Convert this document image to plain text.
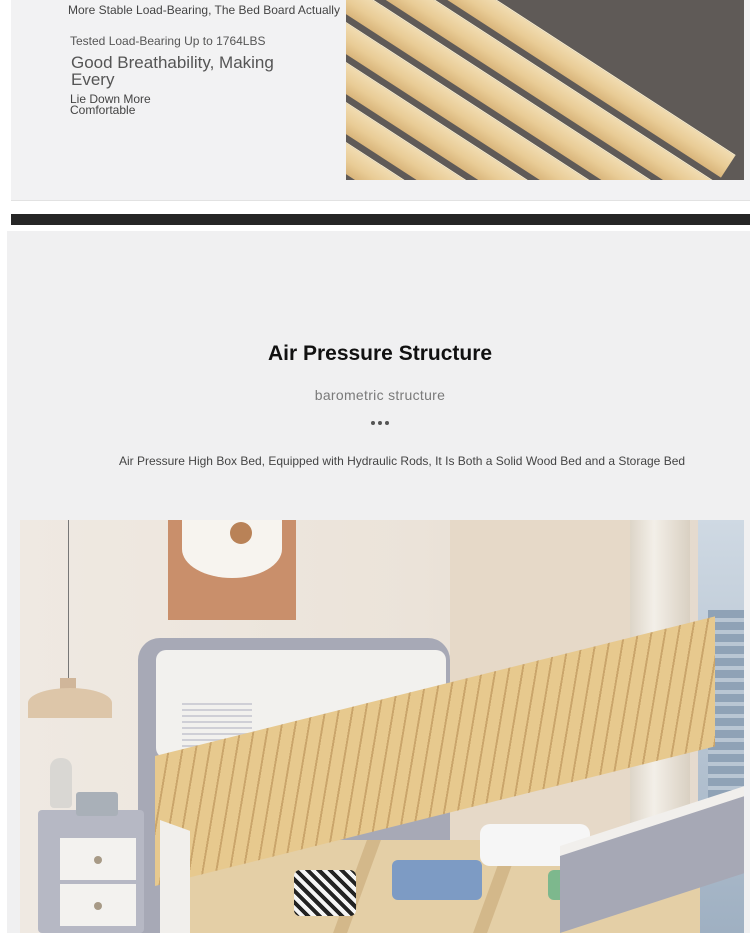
More Stable Load-Bearing, The Bed Board Actually
Tested Load-Bearing Up to 1764LBS
Good Breathability, Making Every
Lie Down More Comfortable
Air Pressure Structure
barometric structure
Air Pressure High Box Bed, Equipped with Hydraulic Rods, It Is Both a Solid Wood Bed and a Storage Bed
